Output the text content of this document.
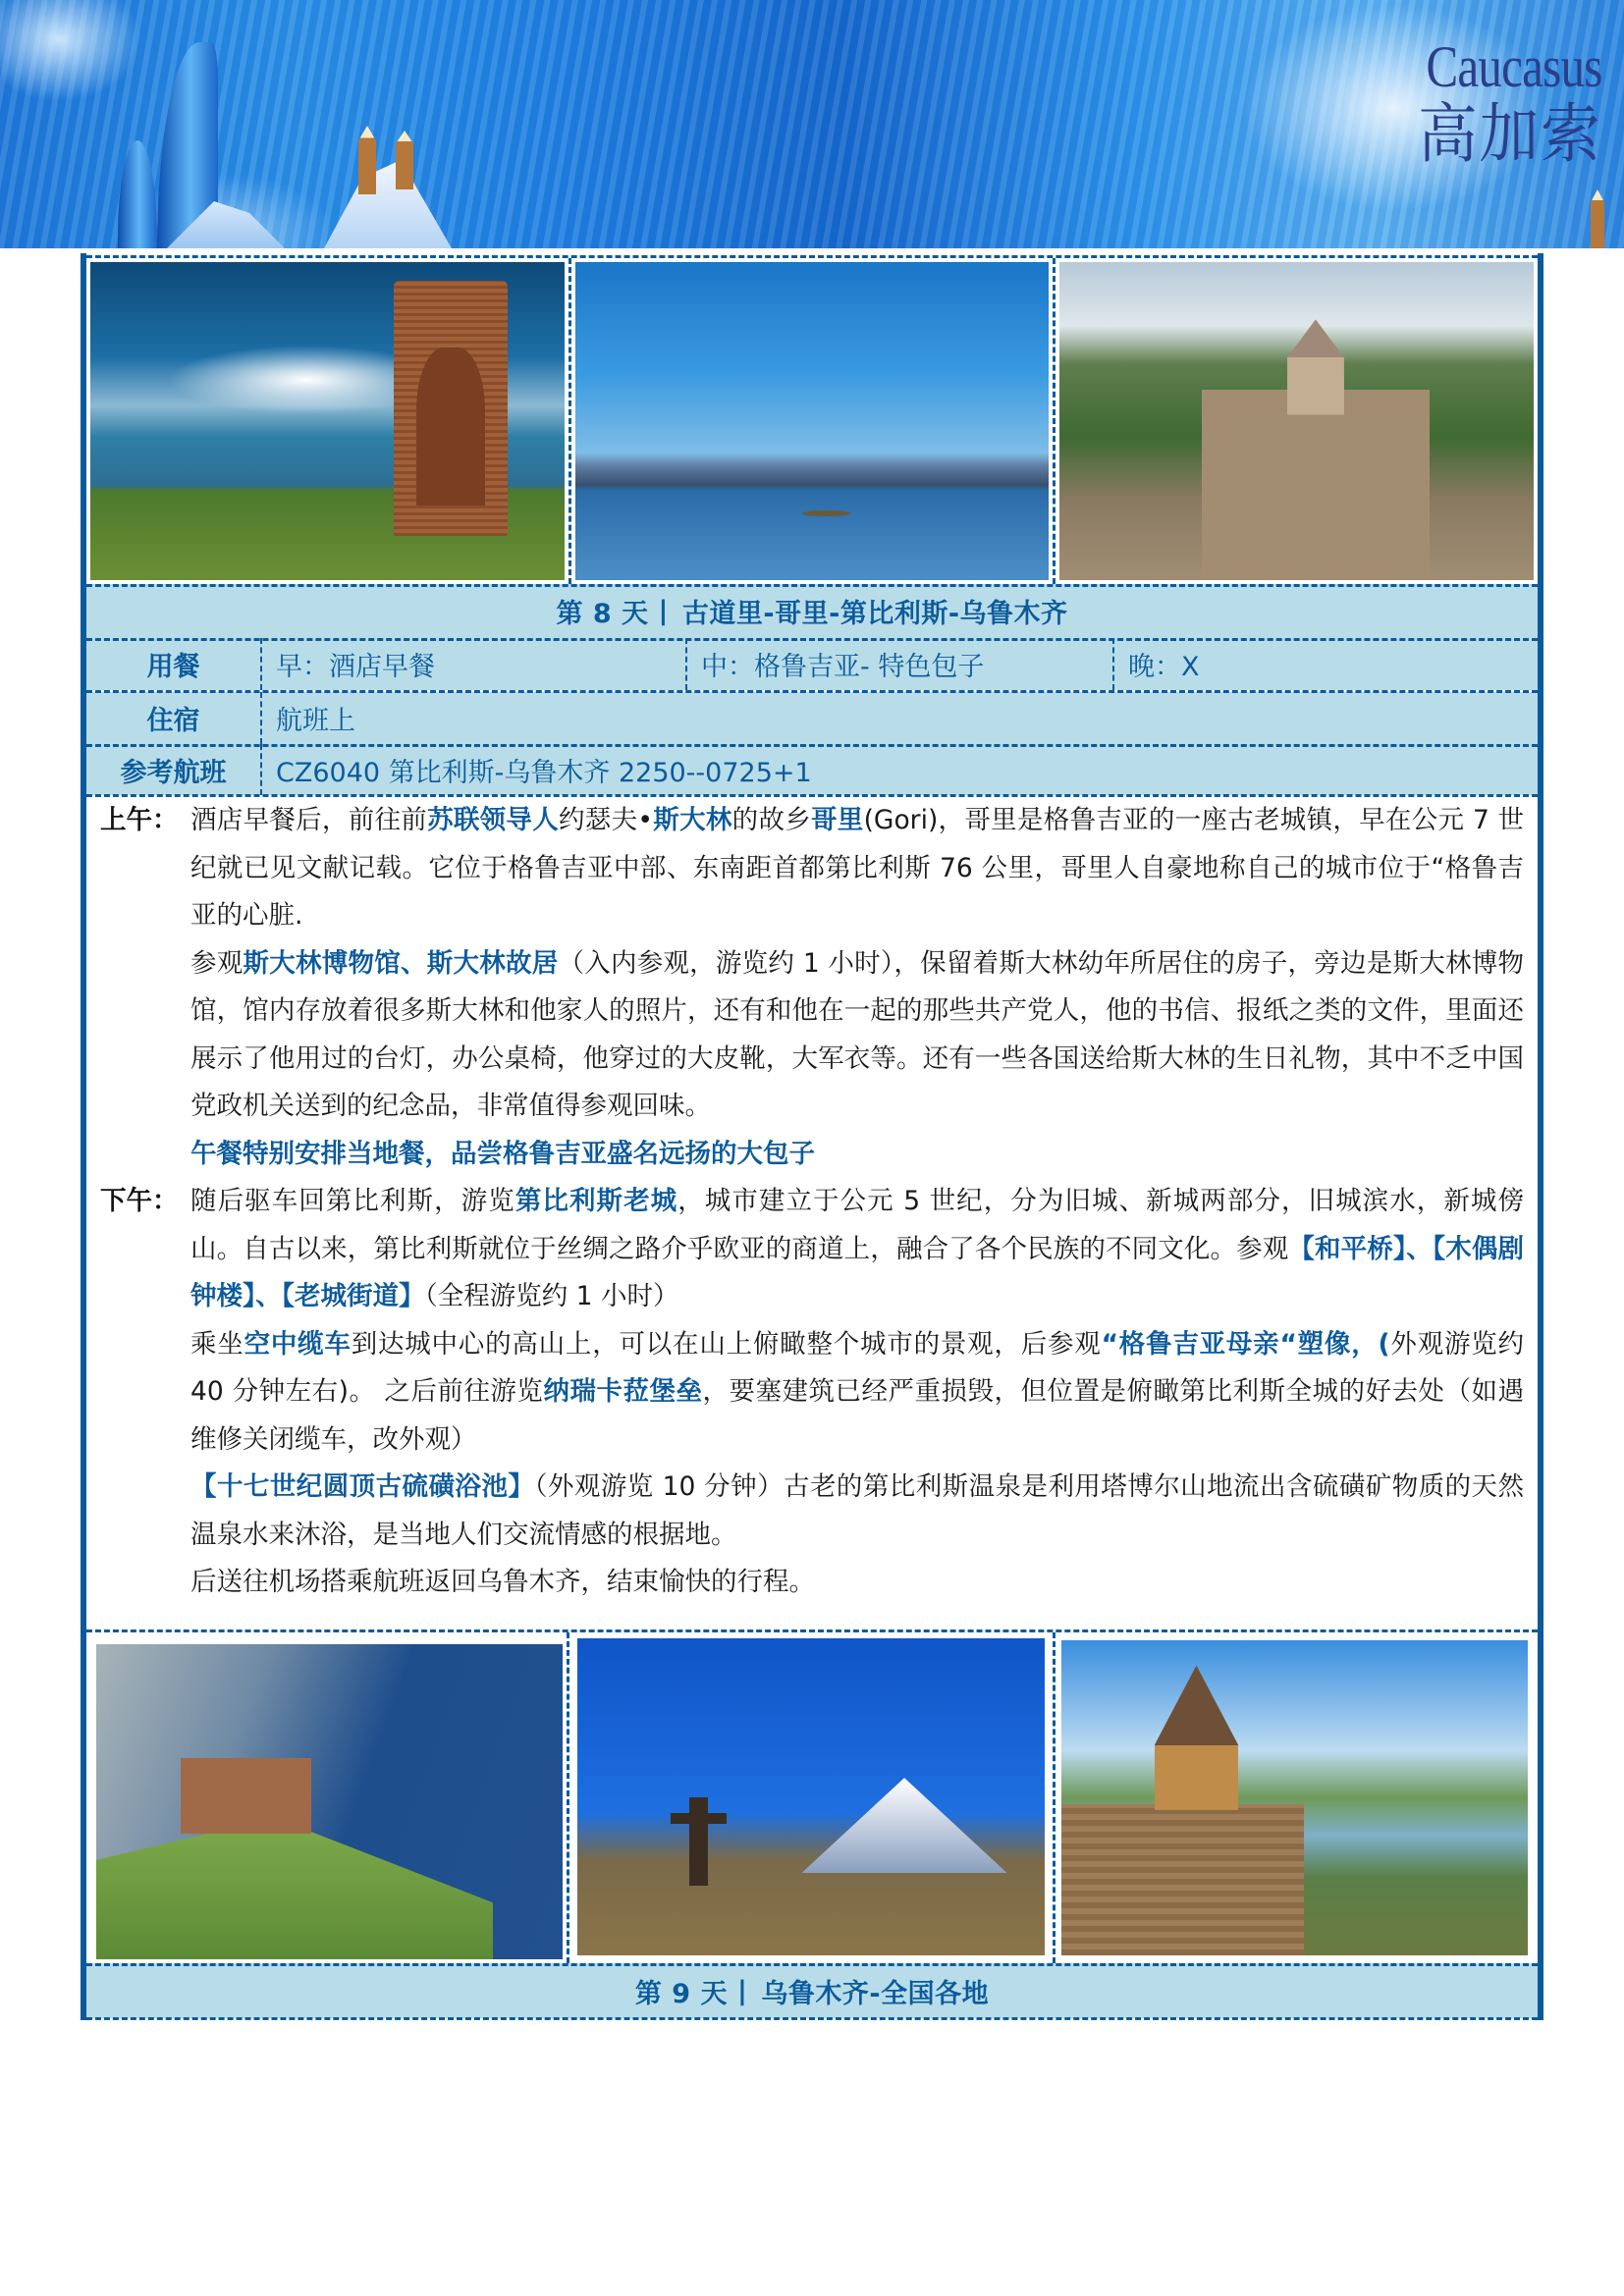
Caucasus
高加索
第 8 天 | 古道里-哥里-第比利斯-乌鲁木齐
用餐	早：酒店早餐	中：格鲁吉亚- 特色包子	晚：X
住宿	航班上
参考航班	CZ6040 第比利斯-乌鲁木齐 2250--0725+1
上午： 酒店早餐后，前往前苏联领导人约瑟夫•斯大林的故乡哥里(Gori)，哥里是格鲁吉亚的一座古老城镇，早在公元 7 世纪就已见文献记载。它位于格鲁吉亚中部、东南距首都第比利斯 76 公里，哥里人自豪地称自己的城市位于“格鲁吉亚的心脏.

参观斯大林博物馆、斯大林故居（入内参观，游览约 1 小时），保留着斯大林幼年所居住的房子，旁边是斯大林博物馆，馆内存放着很多斯大林和他家人的照片，还有和他在一起的那些共产党人，他的书信、报纸之类的文件，里面还展示了他用过的台灯，办公桌椅，他穿过的大皮靴，大军衣等。还有一些各国送给斯大林的生日礼物，其中不乏中国党政机关送到的纪念品，非常值得参观回味。

午餐特别安排当地餐，品尝格鲁吉亚盛名远扬的大包子

下午： 随后驱车回第比利斯，游览第比利斯老城，城市建立于公元 5 世纪，分为旧城、新城两部分，旧城滨水，新城傍山。自古以来，第比利斯就位于丝绸之路介乎欧亚的商道上，融合了各个民族的不同文化。参观【和平桥】、【木偶剧钟楼】、【老城街道】（全程游览约 1 小时）

乘坐空中缆车到达城中心的高山上，可以在山上俯瞰整个城市的景观，后参观“格鲁吉亚母亲“塑像，(外观游览约 40 分钟左右)。 之后前往游览纳瑞卡菈堡垒，要塞建筑已经严重损毁，但位置是俯瞰第比利斯全城的好去处（如遇维修关闭缆车，改外观）

【十七世纪圆顶古硫磺浴池】（外观游览 10 分钟）古老的第比利斯温泉是利用塔博尔山地流出含硫磺矿物质的天然温泉水来沐浴，是当地人们交流情感的根据地。

后送往机场搭乘航班返回乌鲁木齐，结束愉快的行程。

第 9 天 | 乌鲁木齐-全国各地
